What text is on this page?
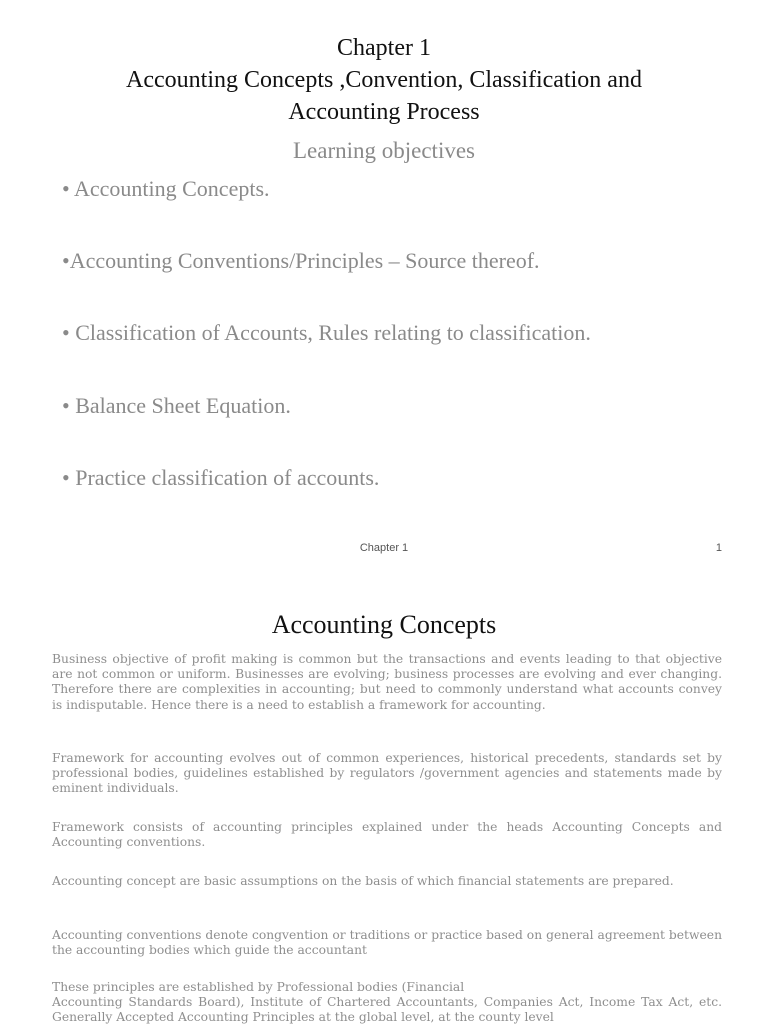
Chapter 1
Accounting Concepts ,Convention, Classification and
Accounting Process
Learning objectives
• Accounting Concepts.
•Accounting Conventions/Principles – Source thereof.
• Classification of Accounts, Rules relating to classification.
• Balance Sheet Equation.
• Practice classification of accounts.
Chapter 1	1
Accounting Concepts
Business objective of profit making is common but the transactions and events leading to that objective are not common or uniform. Businesses are evolving; business processes are evolving and ever changing. Therefore there are complexities in accounting; but need to commonly understand what accounts convey is indisputable. Hence there is a need to establish a framework for accounting.
Framework for accounting evolves out of common experiences, historical precedents, standards set by professional bodies, guidelines established by regulators /government agencies and statements made by eminent individuals.
Framework consists of accounting principles explained under the heads Accounting Concepts and Accounting conventions.
Accounting concept are basic assumptions on the basis of which financial statements are prepared.
Accounting conventions denote congvention or traditions or practice based on general agreement between the accounting bodies which guide the accountant
These principles are established by Professional bodies (Financial
Accounting Standards Board), Institute of Chartered Accountants, Companies Act, Income Tax Act, etc. Generally Accepted Accounting Principles at the global level, at the county level
